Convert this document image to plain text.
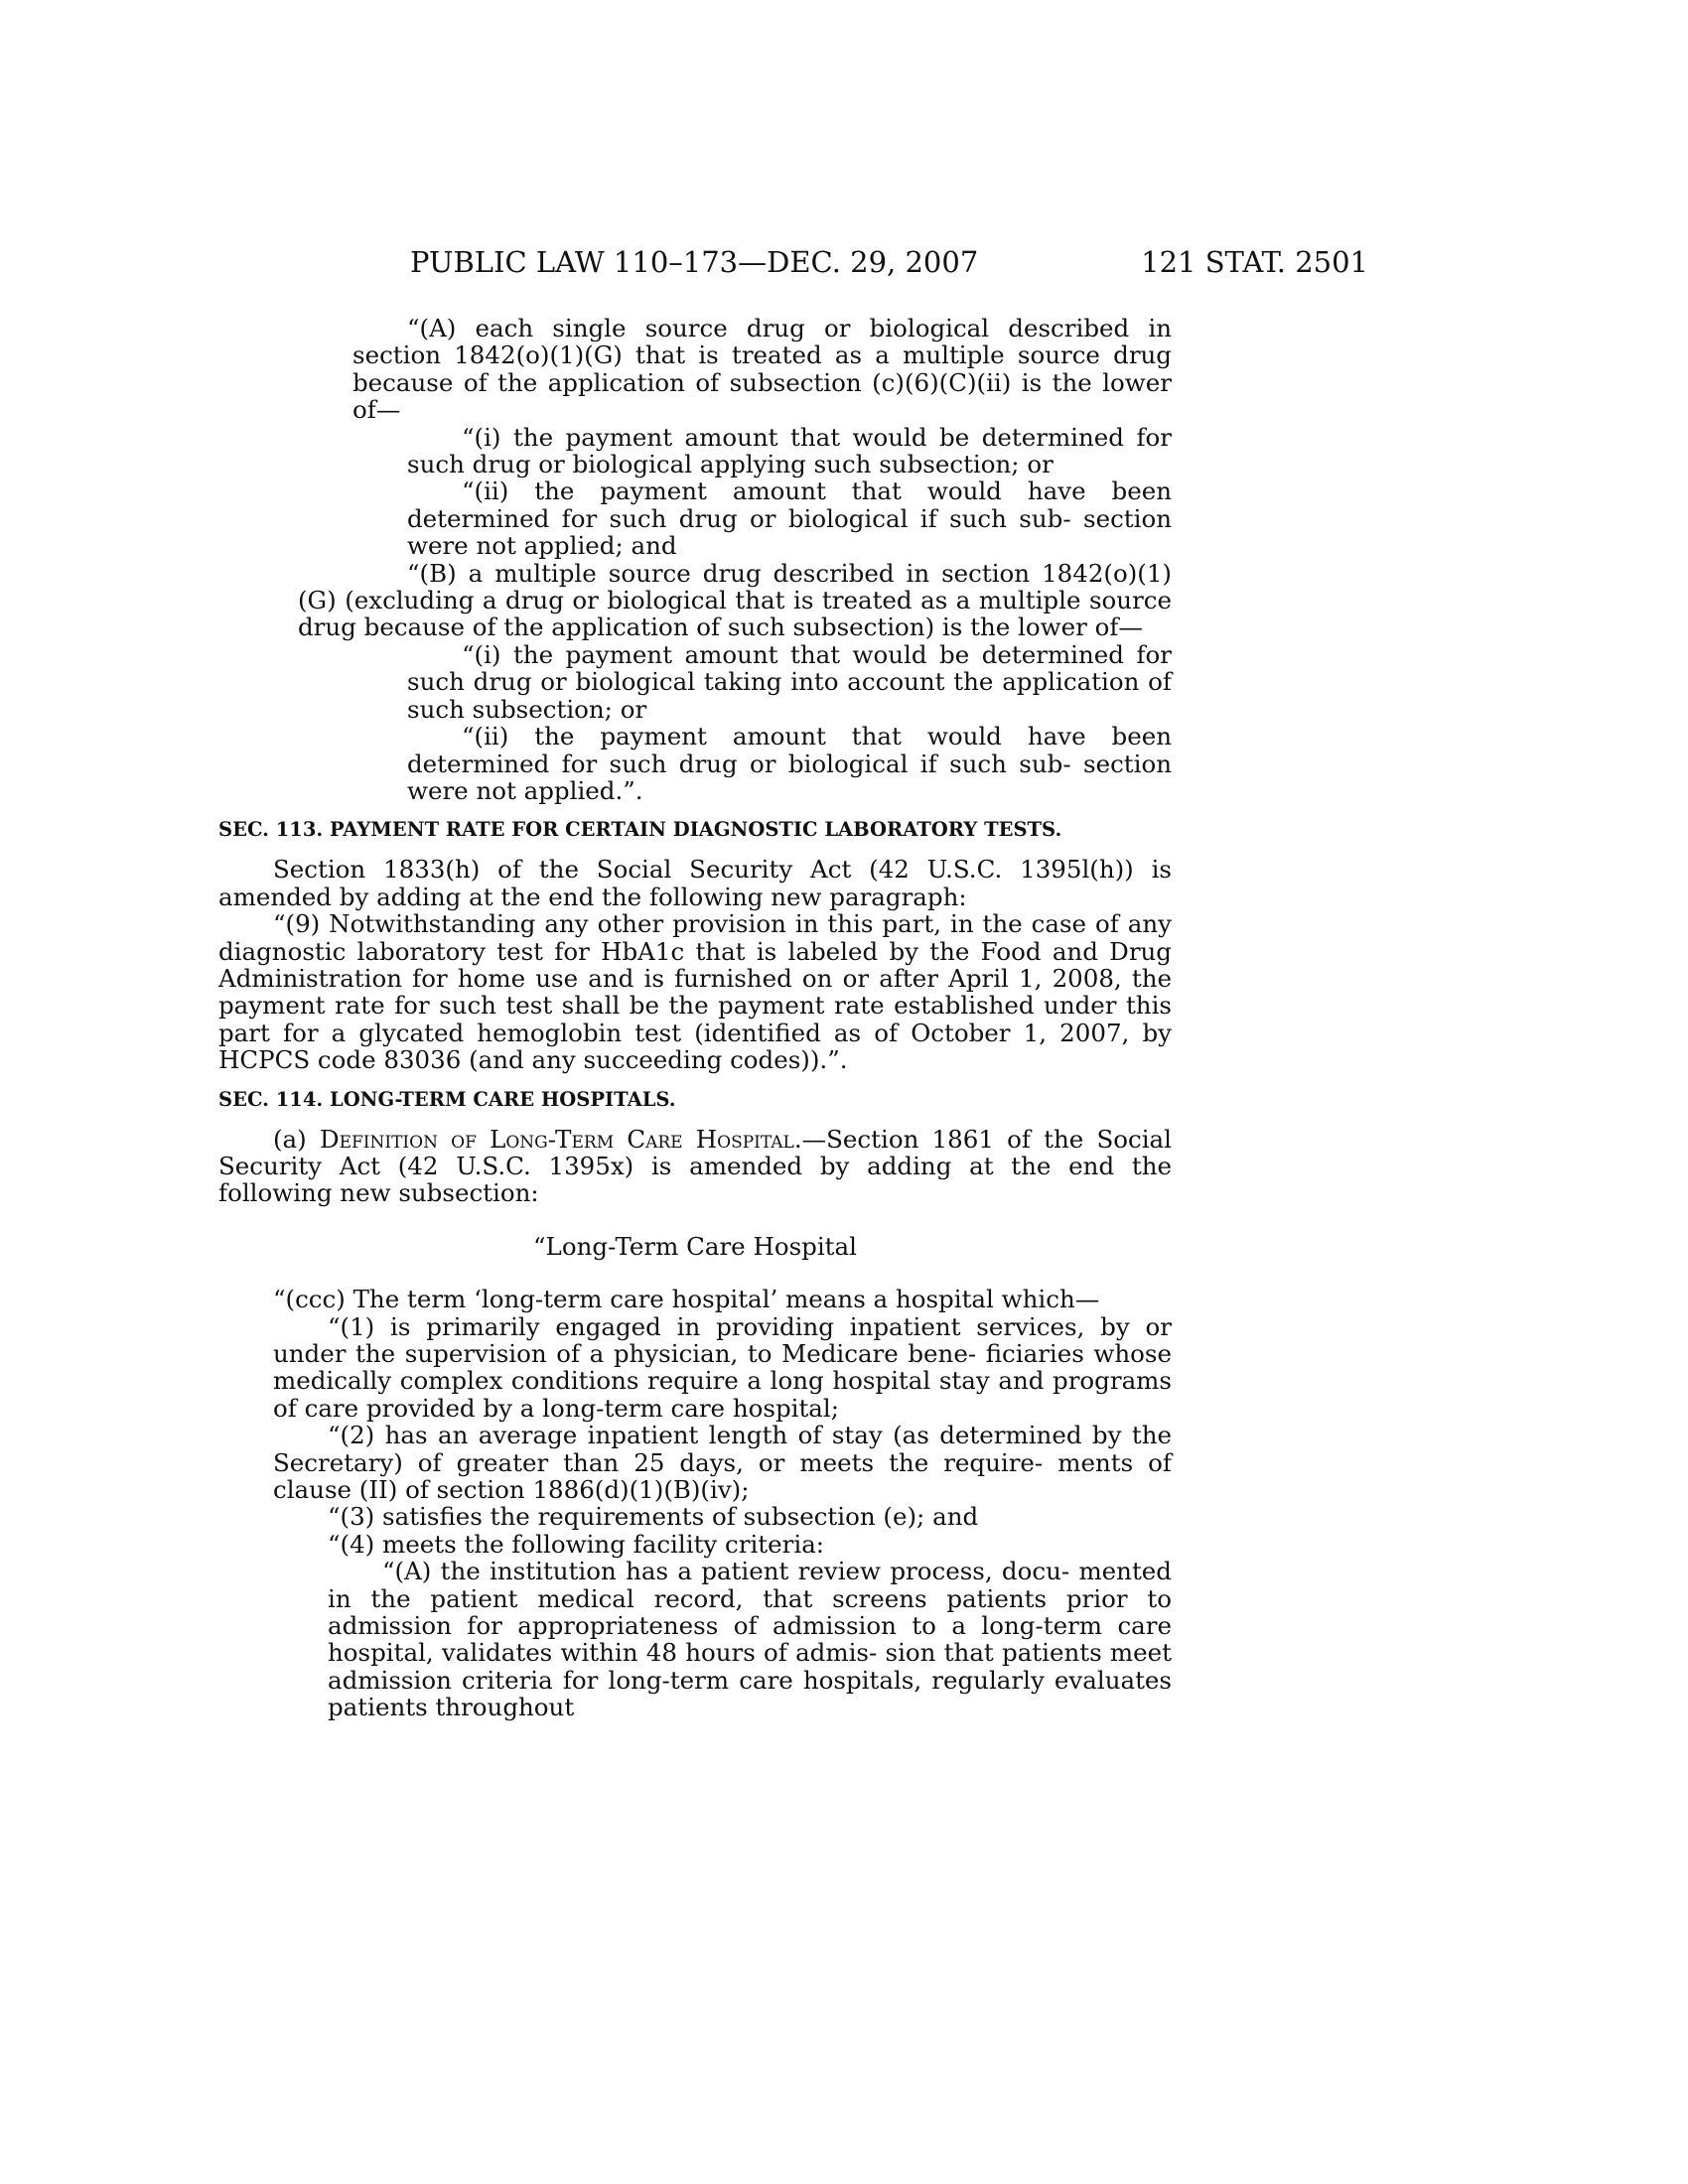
PUBLIC LAW 110–173—DEC. 29, 2007	121 STAT. 2501

“(A) each single source drug or biological described in section 1842(o)(1)(G) that is treated as a multiple source drug because of the application of subsection (c)(6)(C)(ii) is the lower of—

“(i) the payment amount that would be determined for such drug or biological applying such subsection; or

“(ii) the payment amount that would have been determined for such drug or biological if such sub- section were not applied; and

“(B) a multiple source drug described in section 1842(o)(1)(G) (excluding a drug or biological that is treated as a multiple source drug because of the application of such subsection) is the lower of—

“(i) the payment amount that would be determined for such drug or biological taking into account the application of such subsection; or

“(ii) the payment amount that would have been determined for such drug or biological if such sub- section were not applied.”.

SEC. 113. PAYMENT RATE FOR CERTAIN DIAGNOSTIC LABORATORY TESTS.

Section 1833(h) of the Social Security Act (42 U.S.C. 1395l(h)) is amended by adding at the end the following new paragraph:

“(9) Notwithstanding any other provision in this part, in the case of any diagnostic laboratory test for HbA1c that is labeled by the Food and Drug Administration for home use and is furnished on or after April 1, 2008, the payment rate for such test shall be the payment rate established under this part for a glycated hemoglobin test (identified as of October 1, 2007, by HCPCS code 83036 (and any succeeding codes)).”.

SEC. 114. LONG-TERM CARE HOSPITALS.

(a) Definition of Long-Term Care Hospital.—Section 1861 of the Social Security Act (42 U.S.C. 1395x) is amended by adding at the end the following new subsection:

“Long-Term Care Hospital

“(ccc) The term ‘long-term care hospital’ means a hospital which—

“(1) is primarily engaged in providing inpatient services, by or under the supervision of a physician, to Medicare bene- ficiaries whose medically complex conditions require a long hospital stay and programs of care provided by a long-term care hospital;

“(2) has an average inpatient length of stay (as determined by the Secretary) of greater than 25 days, or meets the require- ments of clause (II) of section 1886(d)(1)(B)(iv);

“(3) satisfies the requirements of subsection (e); and

“(4) meets the following facility criteria:

“(A) the institution has a patient review process, docu- mented in the patient medical record, that screens patients prior to admission for appropriateness of admission to a long-term care hospital, validates within 48 hours of admis- sion that patients meet admission criteria for long-term care hospitals, regularly evaluates patients throughout
